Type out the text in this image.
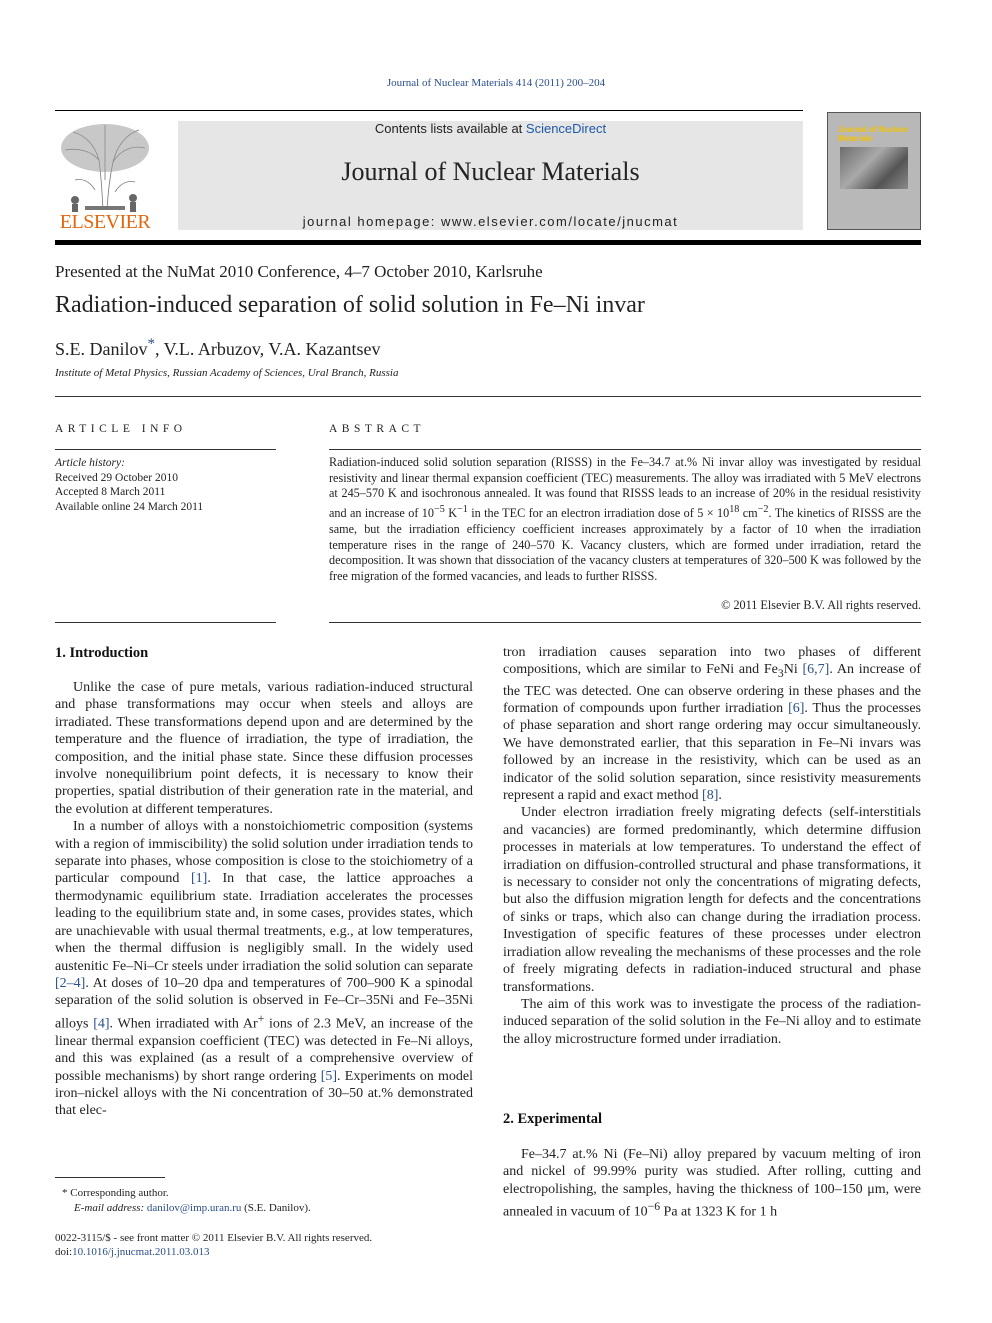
Journal of Nuclear Materials 414 (2011) 200–204
ELSEVIER
Contents lists available at ScienceDirect
Journal of Nuclear Materials
journal homepage: www.elsevier.com/locate/jnucmat
Journal of Nuclear Materials
Presented at the NuMat 2010 Conference, 4–7 October 2010, Karlsruhe
Radiation-induced separation of solid solution in Fe–Ni invar
S.E. Danilov*, V.L. Arbuzov, V.A. Kazantsev
Institute of Metal Physics, Russian Academy of Sciences, Ural Branch, Russia
ARTICLE INFO
Article history:
Received 29 October 2010
Accepted 8 March 2011
Available online 24 March 2011
ABSTRACT
Radiation-induced solid solution separation (RISSS) in the Fe–34.7 at.% Ni invar alloy was investigated by residual resistivity and linear thermal expansion coefficient (TEC) measurements. The alloy was irradiated with 5 MeV electrons at 245–570 K and isochronous annealed. It was found that RISSS leads to an increase of 20% in the residual resistivity and an increase of $10^{-5}$ $K^{-1}$ in the TEC for an electron irradiation dose of $5 \times 10^{18}$ $cm^{-2}$. The kinetics of RISSS are the same, but the irradiation efficiency coefficient increases approximately by a factor of 10 when the irradiation temperature rises in the range of 240–570 K. Vacancy clusters, which are formed under irradiation, retard the decomposition. It was shown that dissociation of the vacancy clusters at temperatures of 320–500 K was followed by the free migration of the formed vacancies, and leads to further RISSS.
© 2011 Elsevier B.V. All rights reserved.
1. Introduction

Unlike the case of pure metals, various radiation-induced structural and phase transformations may occur when steels and alloys are irradiated. These transformations depend upon and are determined by the temperature and the fluence of irradiation, the type of irradiation, the composition, and the initial phase state. Since these diffusion processes involve nonequilibrium point defects, it is necessary to know their properties, spatial distribution of their generation rate in the material, and the evolution at different temperatures.

In a number of alloys with a nonstoichiometric composition (systems with a region of immiscibility) the solid solution under irradiation tends to separate into phases, whose composition is close to the stoichiometry of a particular compound [1]. In that case, the lattice approaches a thermodynamic equilibrium state. Irradiation accelerates the processes leading to the equilibrium state and, in some cases, provides states, which are unachievable with usual thermal treatments, e.g., at low temperatures, when the thermal diffusion is negligibly small. In the widely used austenitic Fe–Ni–Cr steels under irradiation the solid solution can separate [2–4]. At doses of 10–20 dpa and temperatures of 700–900 K a spinodal separation of the solid solution is observed in Fe–Cr–35Ni and Fe–35Ni alloys [4]. When irradiated with Ar+ ions of 2.3 MeV, an increase of the linear thermal expansion coefficient (TEC) was detected in Fe–Ni alloys, and this was explained (as a result of a comprehensive overview of possible mechanisms) by short range ordering [5]. Experiments on model iron–nickel alloys with the Ni concentration of 30–50 at.% demonstrated that elec-

tron irradiation causes separation into two phases of different compositions, which are similar to FeNi and $Fe_3Ni$ [6,7]. An increase of the TEC was detected. One can observe ordering in these phases and the formation of compounds upon further irradiation [6]. Thus the processes of phase separation and short range ordering may occur simultaneously. We have demonstrated earlier, that this separation in Fe–Ni invars was followed by an increase in the resistivity, which can be used as an indicator of the solid solution separation, since resistivity measurements represent a rapid and exact method [8].

Under electron irradiation freely migrating defects (self-interstitials and vacancies) are formed predominantly, which determine diffusion processes in materials at low temperatures. To understand the effect of irradiation on diffusion-controlled structural and phase transformations, it is necessary to consider not only the concentrations of migrating defects, but also the diffusion migration length for defects and the concentrations of sinks or traps, which also can change during the irradiation process. Investigation of specific features of these processes under electron irradiation allow revealing the mechanisms of these processes and the role of freely migrating defects in radiation-induced structural and phase transformations.

The aim of this work was to investigate the process of the radiation-induced separation of the solid solution in the Fe–Ni alloy and to estimate the alloy microstructure formed under irradiation.

2. Experimental

Fe–34.7 at.% Ni (Fe–Ni) alloy prepared by vacuum melting of iron and nickel of 99.99% purity was studied. After rolling, cutting and electropolishing, the samples, having the thickness of 100–150 μm, were annealed in vacuum of $10^{-6}$ Pa at 1323 K for 1 h

* Corresponding author.
E-mail address: danilov@imp.uran.ru (S.E. Danilov).
0022-3115/$ - see front matter © 2011 Elsevier B.V. All rights reserved.
doi:10.1016/j.jnucmat.2011.03.013
